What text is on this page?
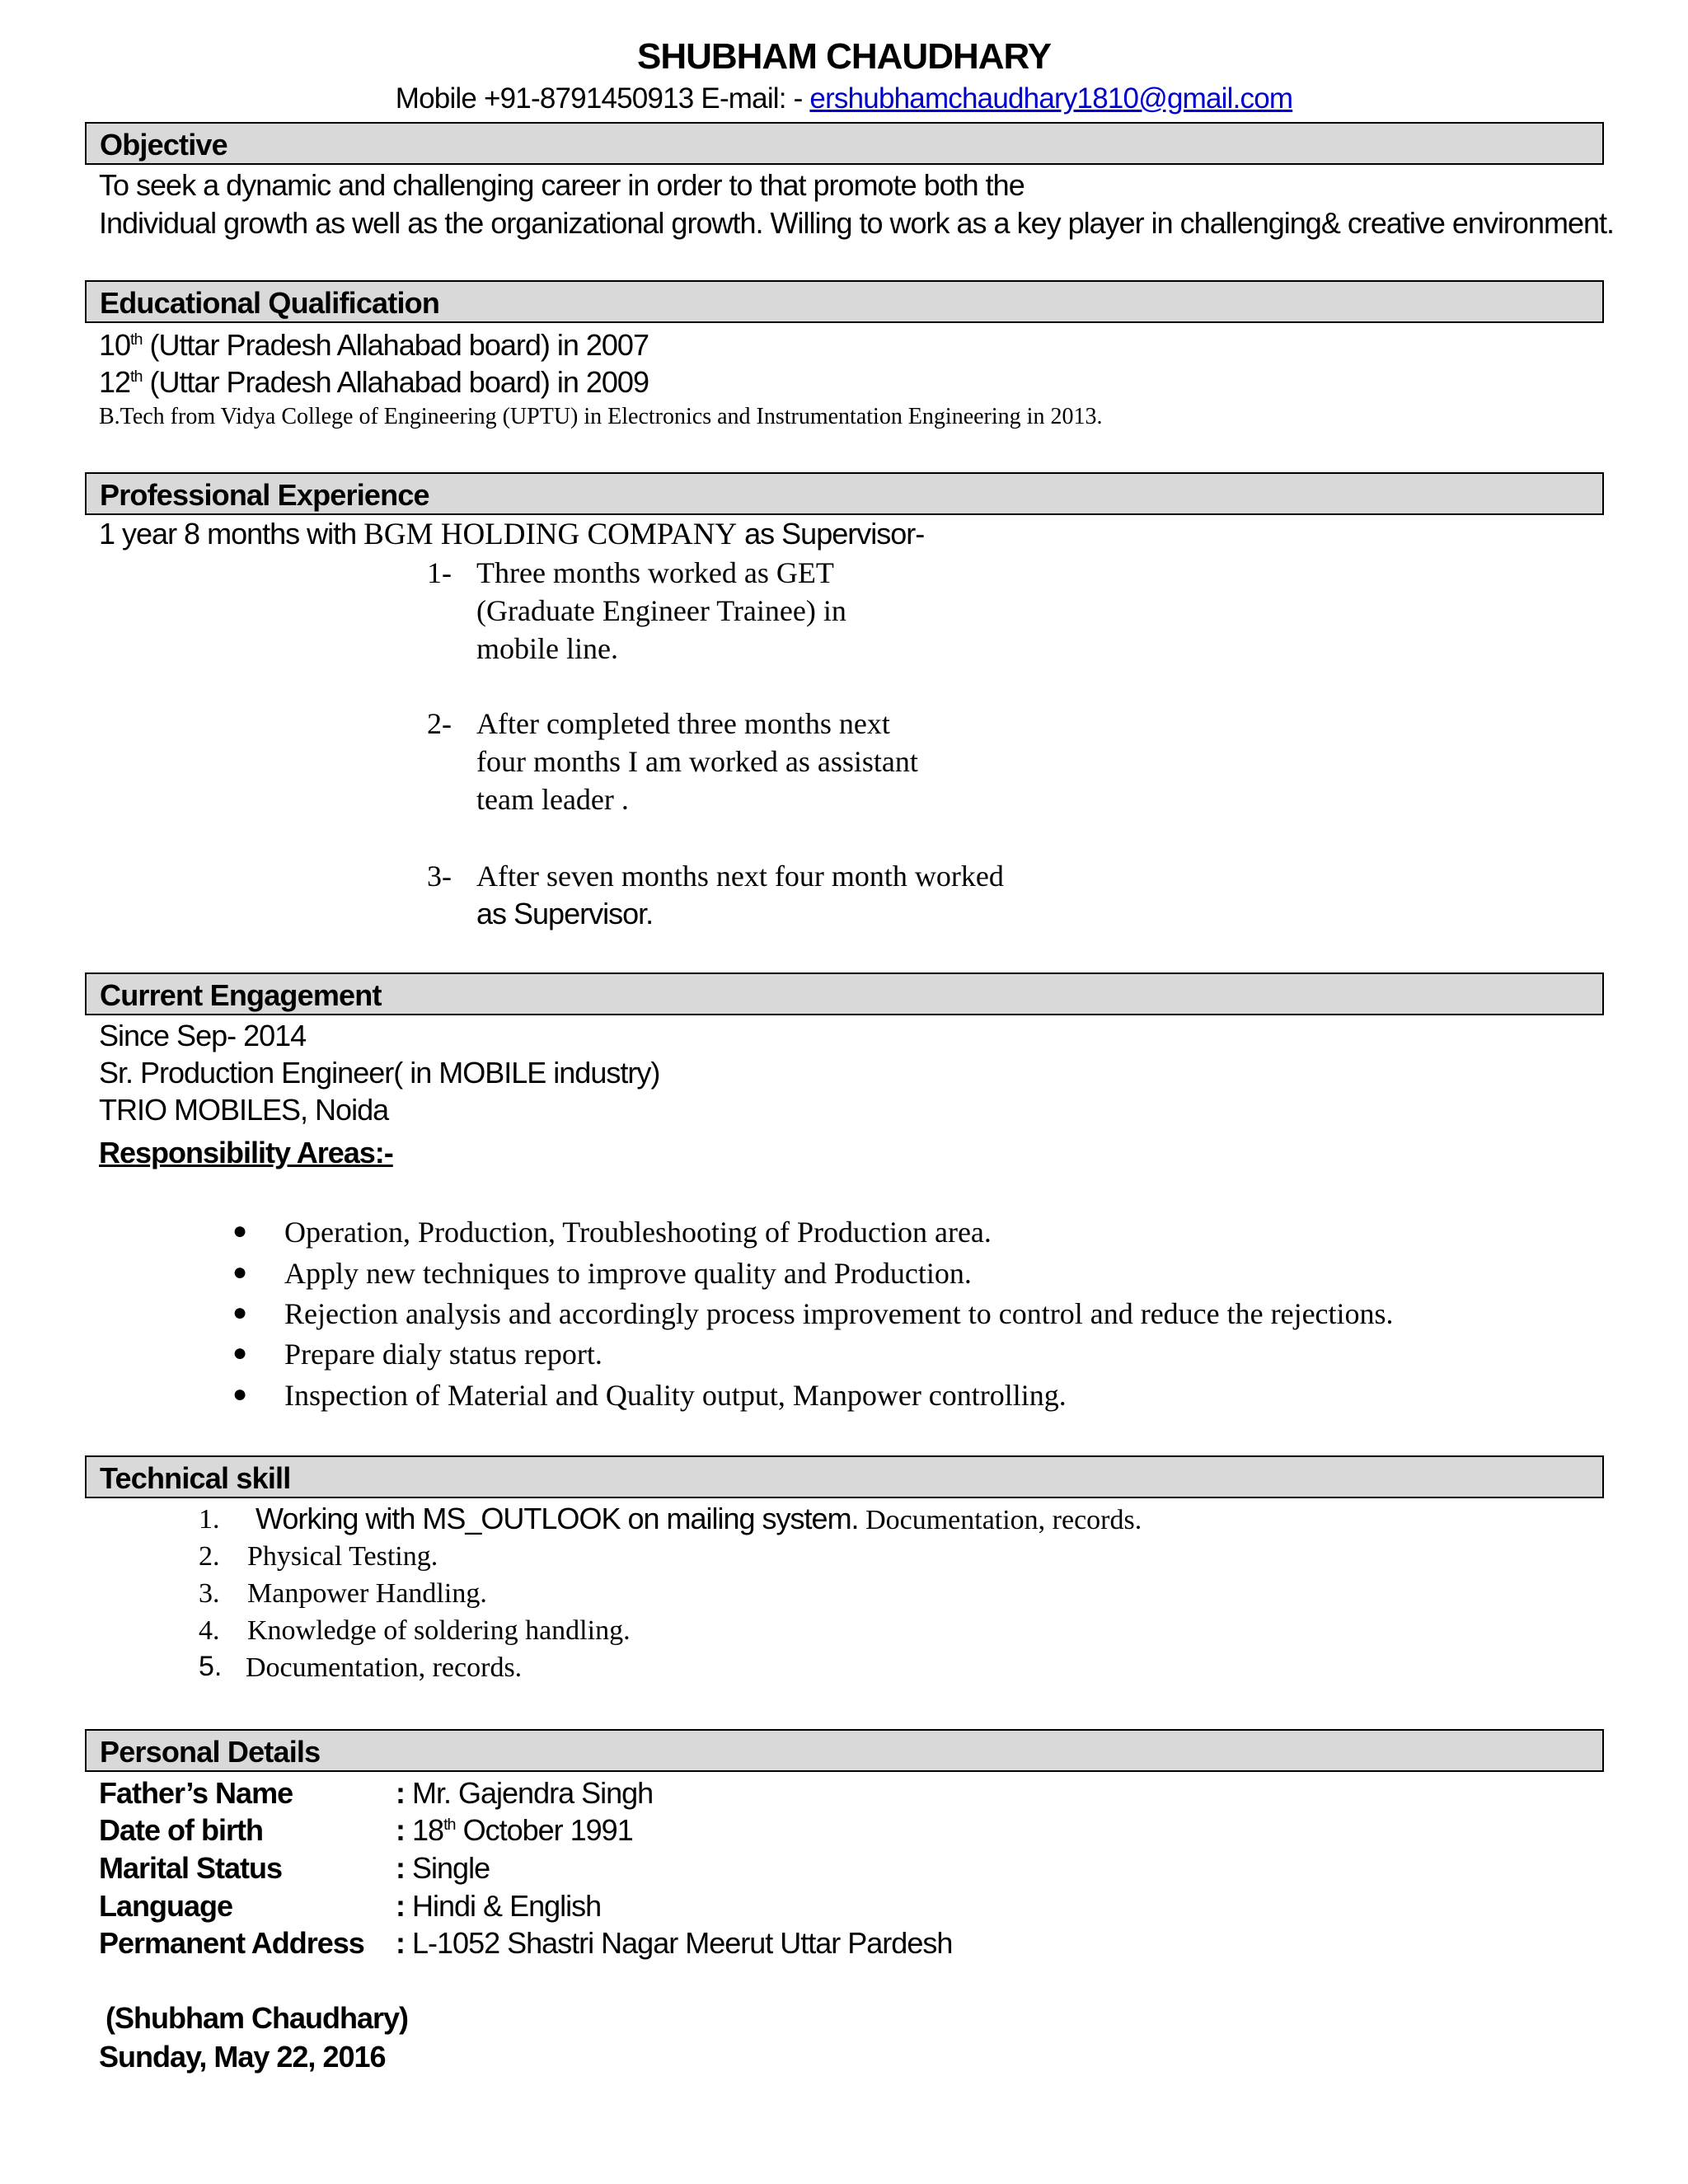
SHUBHAM CHAUDHARY
Mobile +91-8791450913 E-mail: - ershubhamchaudhary1810@gmail.com
Objective
To seek a dynamic and challenging career in order to that promote both the
Individual growth as well as the organizational growth. Willing to work as a key player in challenging& creative environment.
Educational Qualification
10th (Uttar Pradesh Allahabad board) in 2007
12th (Uttar Pradesh Allahabad board) in 2009
B.Tech from Vidya College of Engineering (UPTU) in Electronics and Instrumentation Engineering in 2013.
Professional Experience
1 year 8 months with BGM HOLDING COMPANY as Supervisor-
1- Three months worked as GET
(Graduate Engineer Trainee) in
mobile line.
2- After completed three months next
four months I am worked as assistant
team leader .
3- After seven months next four month worked
as Supervisor.
Current Engagement
Since Sep- 2014
Sr. Production Engineer( in MOBILE industry)
TRIO MOBILES, Noida
Responsibility Areas:-
● Operation, Production, Troubleshooting of Production area.
● Apply new techniques to improve quality and Production.
● Rejection analysis and accordingly process improvement to control and reduce the rejections.
● Prepare dialy status report.
● Inspection of Material and Quality output, Manpower controlling.
Technical skill
1. Working with MS_OUTLOOK on mailing system. Documentation, records.
2. Physical Testing.
3. Manpower Handling.
4. Knowledge of soldering handling.
5. Documentation, records.
Personal Details
Father’s Name	: Mr. Gajendra Singh
Date of birth	: 18th October 1991
Marital Status	: Single
Language	: Hindi & English
Permanent Address : L-1052 Shastri Nagar Meerut Uttar Pardesh
(Shubham Chaudhary)
Sunday, May 22, 2016
